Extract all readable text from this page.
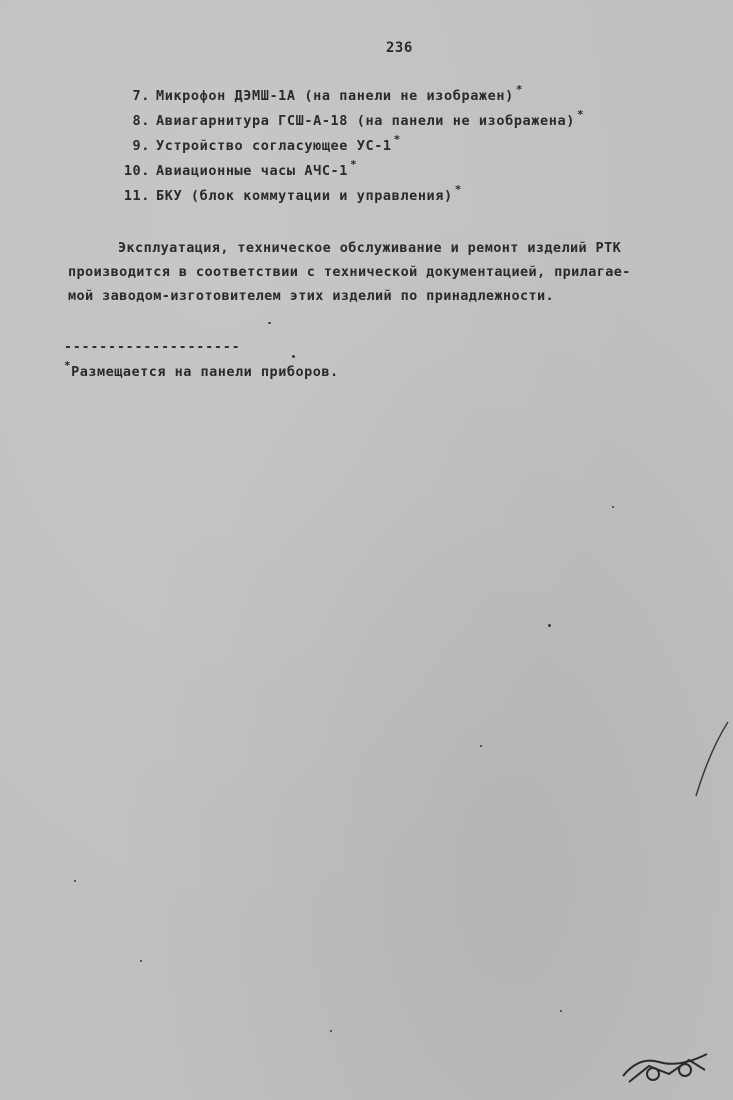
236
7. Микрофон ДЭМШ-1А (на панели не изображен) *
8. Авиагарнитура ГСШ-А-18 (на панели не изображена) *
9. Устройство согласующее УС-1 *
10. Авиационные часы АЧС-1 *
11. БКУ (блок коммутации и управления) *
Эксплуатация, техническое обслуживание и ремонт изделий РТК
производится в соответствии с технической документацией, прилагае-
мой заводом-изготовителем этих изделий по принадлежности.
--------------------
*Размещается на панели приборов.
